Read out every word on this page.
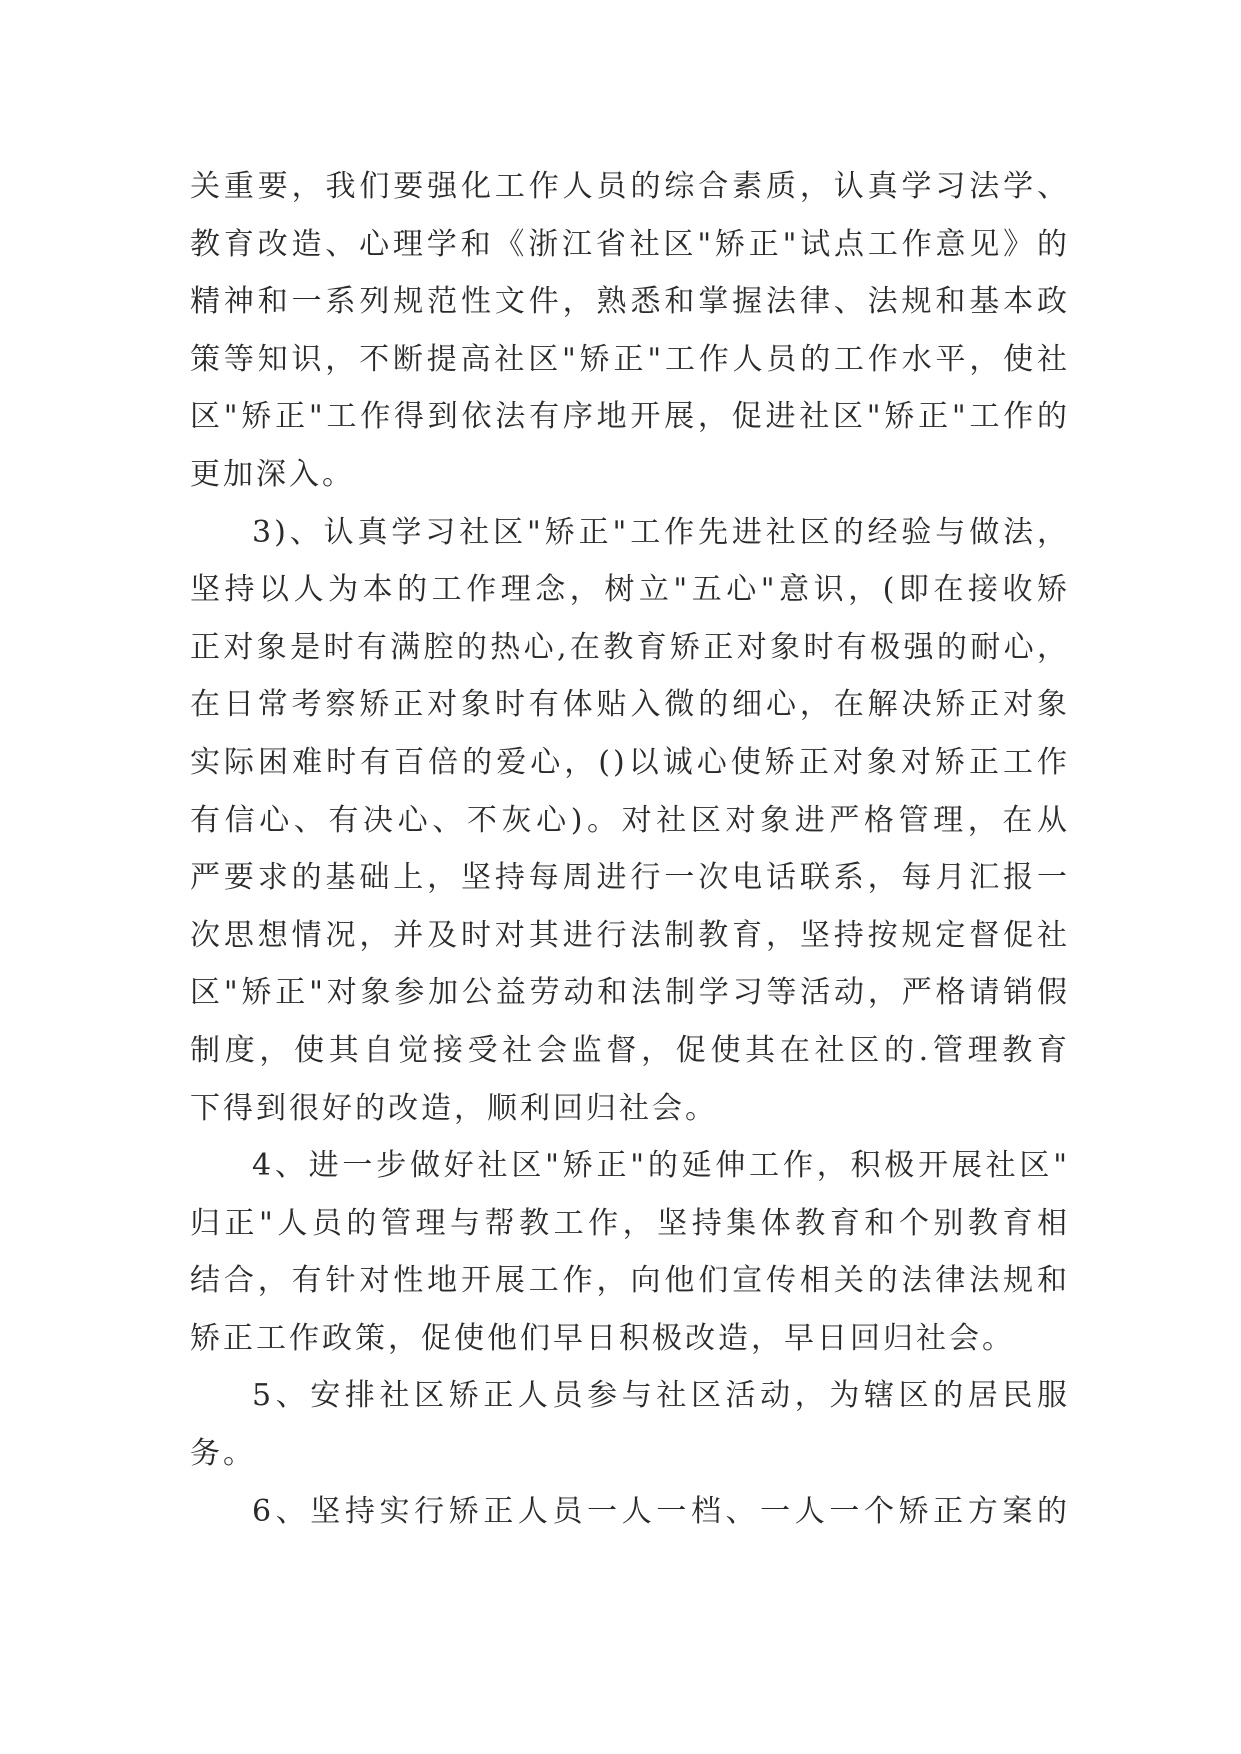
关重要，我们要强化工作人员的综合素质，认真学习法学、
教育改造、心理学和《浙江省社区"矫正"试点工作意见》的
精神和一系列规范性文件，熟悉和掌握法律、法规和基本政
策等知识，不断提高社区"矫正"工作人员的工作水平，使社
区"矫正"工作得到依法有序地开展，促进社区"矫正"工作的
更加深入。
3)、认真学习社区"矫正"工作先进社区的经验与做法，
坚持以人为本的工作理念，树立"五心"意识，(即在接收矫
正对象是时有满腔的热心,在教育矫正对象时有极强的耐心，
在日常考察矫正对象时有体贴入微的细心，在解决矫正对象
实际困难时有百倍的爱心，()以诚心使矫正对象对矫正工作
有信心、有决心、不灰心)。对社区对象进严格管理，在从
严要求的基础上，坚持每周进行一次电话联系，每月汇报一
次思想情况，并及时对其进行法制教育，坚持按规定督促社
区"矫正"对象参加公益劳动和法制学习等活动，严格请销假
制度，使其自觉接受社会监督，促使其在社区的.管理教育
下得到很好的改造，顺利回归社会。
4、进一步做好社区"矫正"的延伸工作，积极开展社区"
归正"人员的管理与帮教工作，坚持集体教育和个别教育相
结合，有针对性地开展工作，向他们宣传相关的法律法规和
矫正工作政策，促使他们早日积极改造，早日回归社会。
5、安排社区矫正人员参与社区活动，为辖区的居民服
务。
6、坚持实行矫正人员一人一档、一人一个矫正方案的
